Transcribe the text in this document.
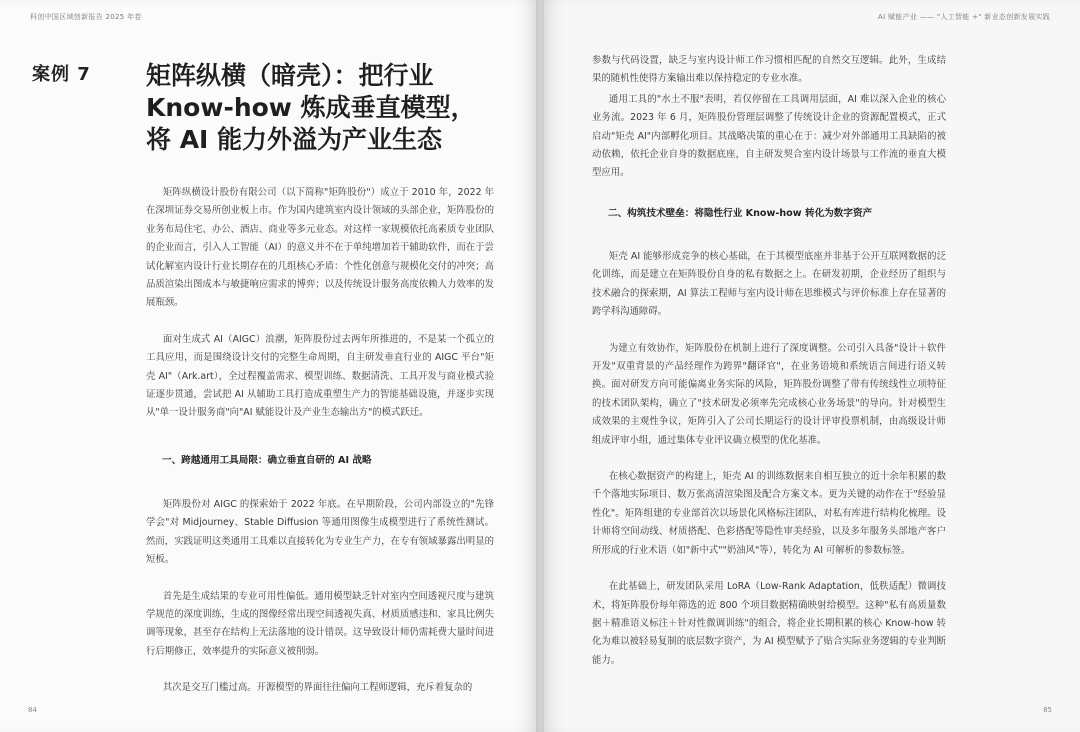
科创中国区域创新报告 2025 年卷
案例 7 矩阵纵横（暗壳）：把行业
Know-how 炼成垂直模型，
将 AI 能力外溢为产业生态

矩阵纵横设计股份有限公司（以下简称"矩阵股份"）成立于 2010 年，2022 年在深圳证券交易所创业板上市。作为国内建筑室内设计领域的头部企业，矩阵股份的业务布局住宅、办公、酒店、商业等多元业态。对这样一家规模依托高素质专业团队的企业而言，引入人工智能（AI）的意义并不在于单纯增加若干辅助软件，而在于尝试化解室内设计行业长期存在的几组核心矛盾：个性化创意与规模化交付的冲突；高品质渲染出图成本与敏捷响应需求的博弈；以及传统设计服务高度依赖人力效率的发展瓶颈。

面对生成式 AI（AIGC）浪潮，矩阵股份过去两年所推进的，不是某一个孤立的工具应用，而是围绕设计交付的完整生命周期，自主研发垂直行业的 AIGC 平台"矩壳 AI"（Ark.art），全过程覆盖需求、模型训练、数据清洗、工具开发与商业模式验证逐步贯通，尝试把 AI 从辅助工具打造成重塑生产力的智能基础设施，并逐步实现从"单一设计服务商"向"AI 赋能设计及产业生态输出方"的模式跃迁。

一、跨越通用工具局限：确立垂直自研的 AI 战略

矩阵股份对 AIGC 的探索始于 2022 年底。在早期阶段，公司内部设立的"先锋学会"对 Midjourney、Stable Diffusion 等通用图像生成模型进行了系统性测试。然而，实践证明这类通用工具难以直接转化为专业生产力，在专有领域暴露出明显的短板。

首先是生成结果的专业可用性偏低。通用模型缺乏针对室内空间透视尺度与建筑学规范的深度训练，生成的图像经常出现空间透视失真、材质质感违和、家具比例失调等现象，甚至存在结构上无法落地的设计错误。这导致设计师仍需耗费大量时间进行后期修正，效率提升的实际意义被削弱。

其次是交互门槛过高。开源模型的界面往往偏向工程师逻辑，充斥着复杂的

84
AI 赋能产业 —— "人工智能 +" 新业态创新发展实践

参数与代码设置，缺乏与室内设计师工作习惯相匹配的自然交互逻辑。此外，生成结果的随机性使得方案输出难以保持稳定的专业水准。

通用工具的"水土不服"表明，若仅停留在工具调用层面，AI 难以深入企业的核心业务流。2023 年 6 月，矩阵股份管理层调整了传统设计企业的资源配置模式，正式启动"矩壳 AI"内部孵化项目。其战略决策的重心在于：减少对外部通用工具缺陷的被动依赖，依托企业自身的数据底座，自主研发契合室内设计场景与工作流的垂直大模型应用。

二、构筑技术壁垒：将隐性行业 Know-how 转化为数字资产

矩壳 AI 能够形成竞争的核心基础，在于其模型底座并非基于公开互联网数据的泛化训练，而是建立在矩阵股份自身的私有数据之上。在研发初期，企业经历了组织与技术融合的探索期，AI 算法工程师与室内设计师在思维模式与评价标准上存在显著的跨学科沟通障碍。

为建立有效协作，矩阵股份在机制上进行了深度调整。公司引入具备"设计＋软件开发"双重背景的产品经理作为跨界"翻译官"，在业务语境和系统语言间进行语义转换。面对研发方向可能偏离业务实际的风险，矩阵股份调整了带有传统线性立项特征的技术团队架构，确立了"技术研发必须率先完成核心业务场景"的导向。针对模型生成效果的主观性争议，矩阵引入了公司长期运行的设计评审投票机制，由高级设计师组成评审小组，通过集体专业评议确立模型的优化基准。

在核心数据资产的构建上，矩壳 AI 的训练数据来自相互独立的近十余年积累的数千个落地实际项目、数万张高清渲染图及配合方案文本。更为关键的动作在于"经验显性化"。矩阵组建的专业部首次以场景化风格标注团队，对私有库进行结构化梳理。设计师将空间动线、材质搭配、色彩搭配等隐性审美经验，以及多年服务头部地产客户所形成的行业术语（如"新中式""奶油风"等），转化为 AI 可解析的参数标签。

在此基础上，研发团队采用 LoRA（Low-Rank Adaptation，低秩适配）微调技术，将矩阵股份每年筛选的近 800 个项目数据精确映射给模型。这种"私有高质量数据＋精准语义标注＋针对性微调训练"的组合，将企业长期积累的核心 Know-how 转化为难以被轻易复制的底层数字资产，为 AI 模型赋予了贴合实际业务逻辑的专业判断能力。

85
